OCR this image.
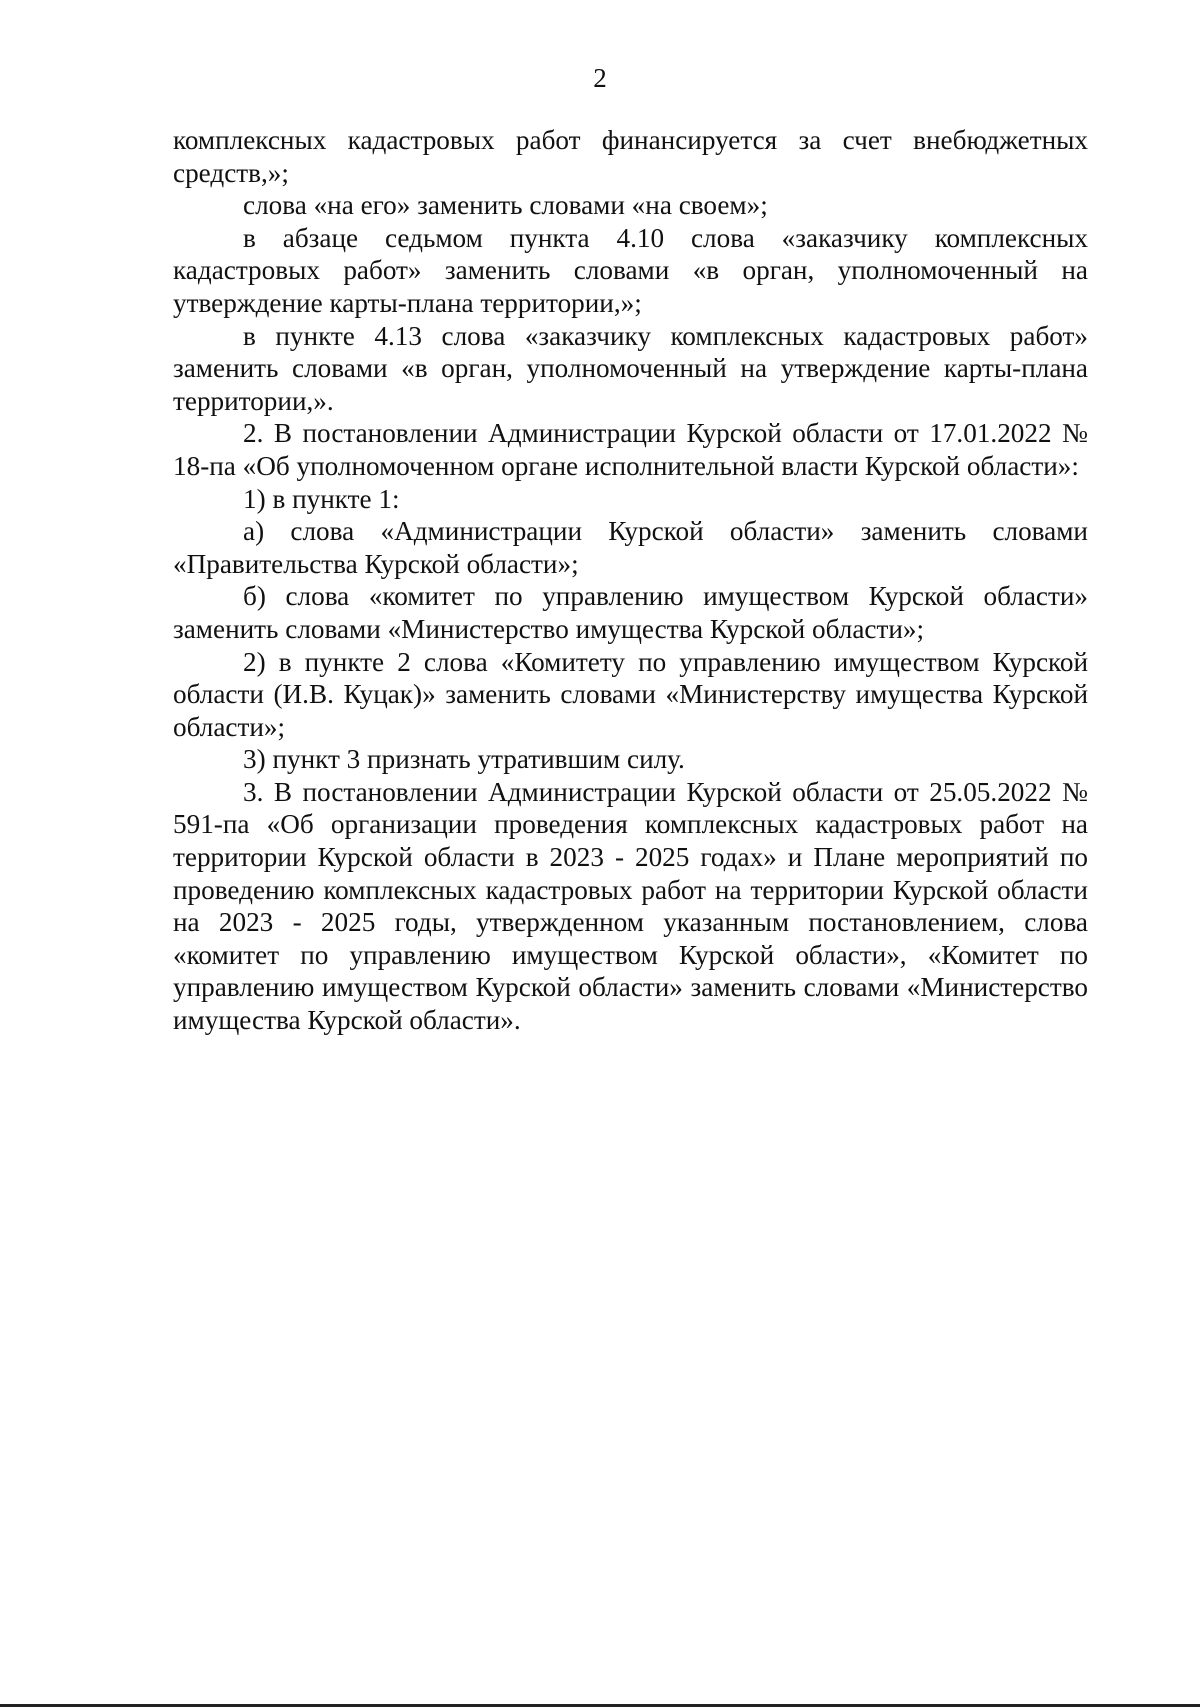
2

комплексных кадастровых работ финансируется за счет внебюджетных средств,»;

слова «на его» заменить словами «на своем»;

в абзаце седьмом пункта 4.10 слова «заказчику комплексных кадастровых работ» заменить словами «в орган, уполномоченный на утверждение карты-плана территории,»;

в пункте 4.13 слова «заказчику комплексных кадастровых работ» заменить словами «в орган, уполномоченный на утверждение карты-плана территории,».

2. В постановлении Администрации Курской области от 17.01.2022 № 18-па «Об уполномоченном органе исполнительной власти Курской области»:

1) в пункте 1:

а) слова «Администрации Курской области» заменить словами «Правительства Курской области»;

б) слова «комитет по управлению имуществом Курской области» заменить словами «Министерство имущества Курской области»;

2) в пункте 2 слова «Комитету по управлению имуществом Курской области (И.В. Куцак)» заменить словами «Министерству имущества Курской области»;

3) пункт 3 признать утратившим силу.

3. В постановлении Администрации Курской области от 25.05.2022 № 591-па «Об организации проведения комплексных кадастровых работ на территории Курской области в 2023 - 2025 годах» и Плане мероприятий по проведению комплексных кадастровых работ на территории Курской области на 2023 - 2025 годы, утвержденном указанным постановлением, слова «комитет по управлению имуществом Курской области», «Комитет по управлению имуществом Курской области» заменить словами «Министерство имущества Курской области».
